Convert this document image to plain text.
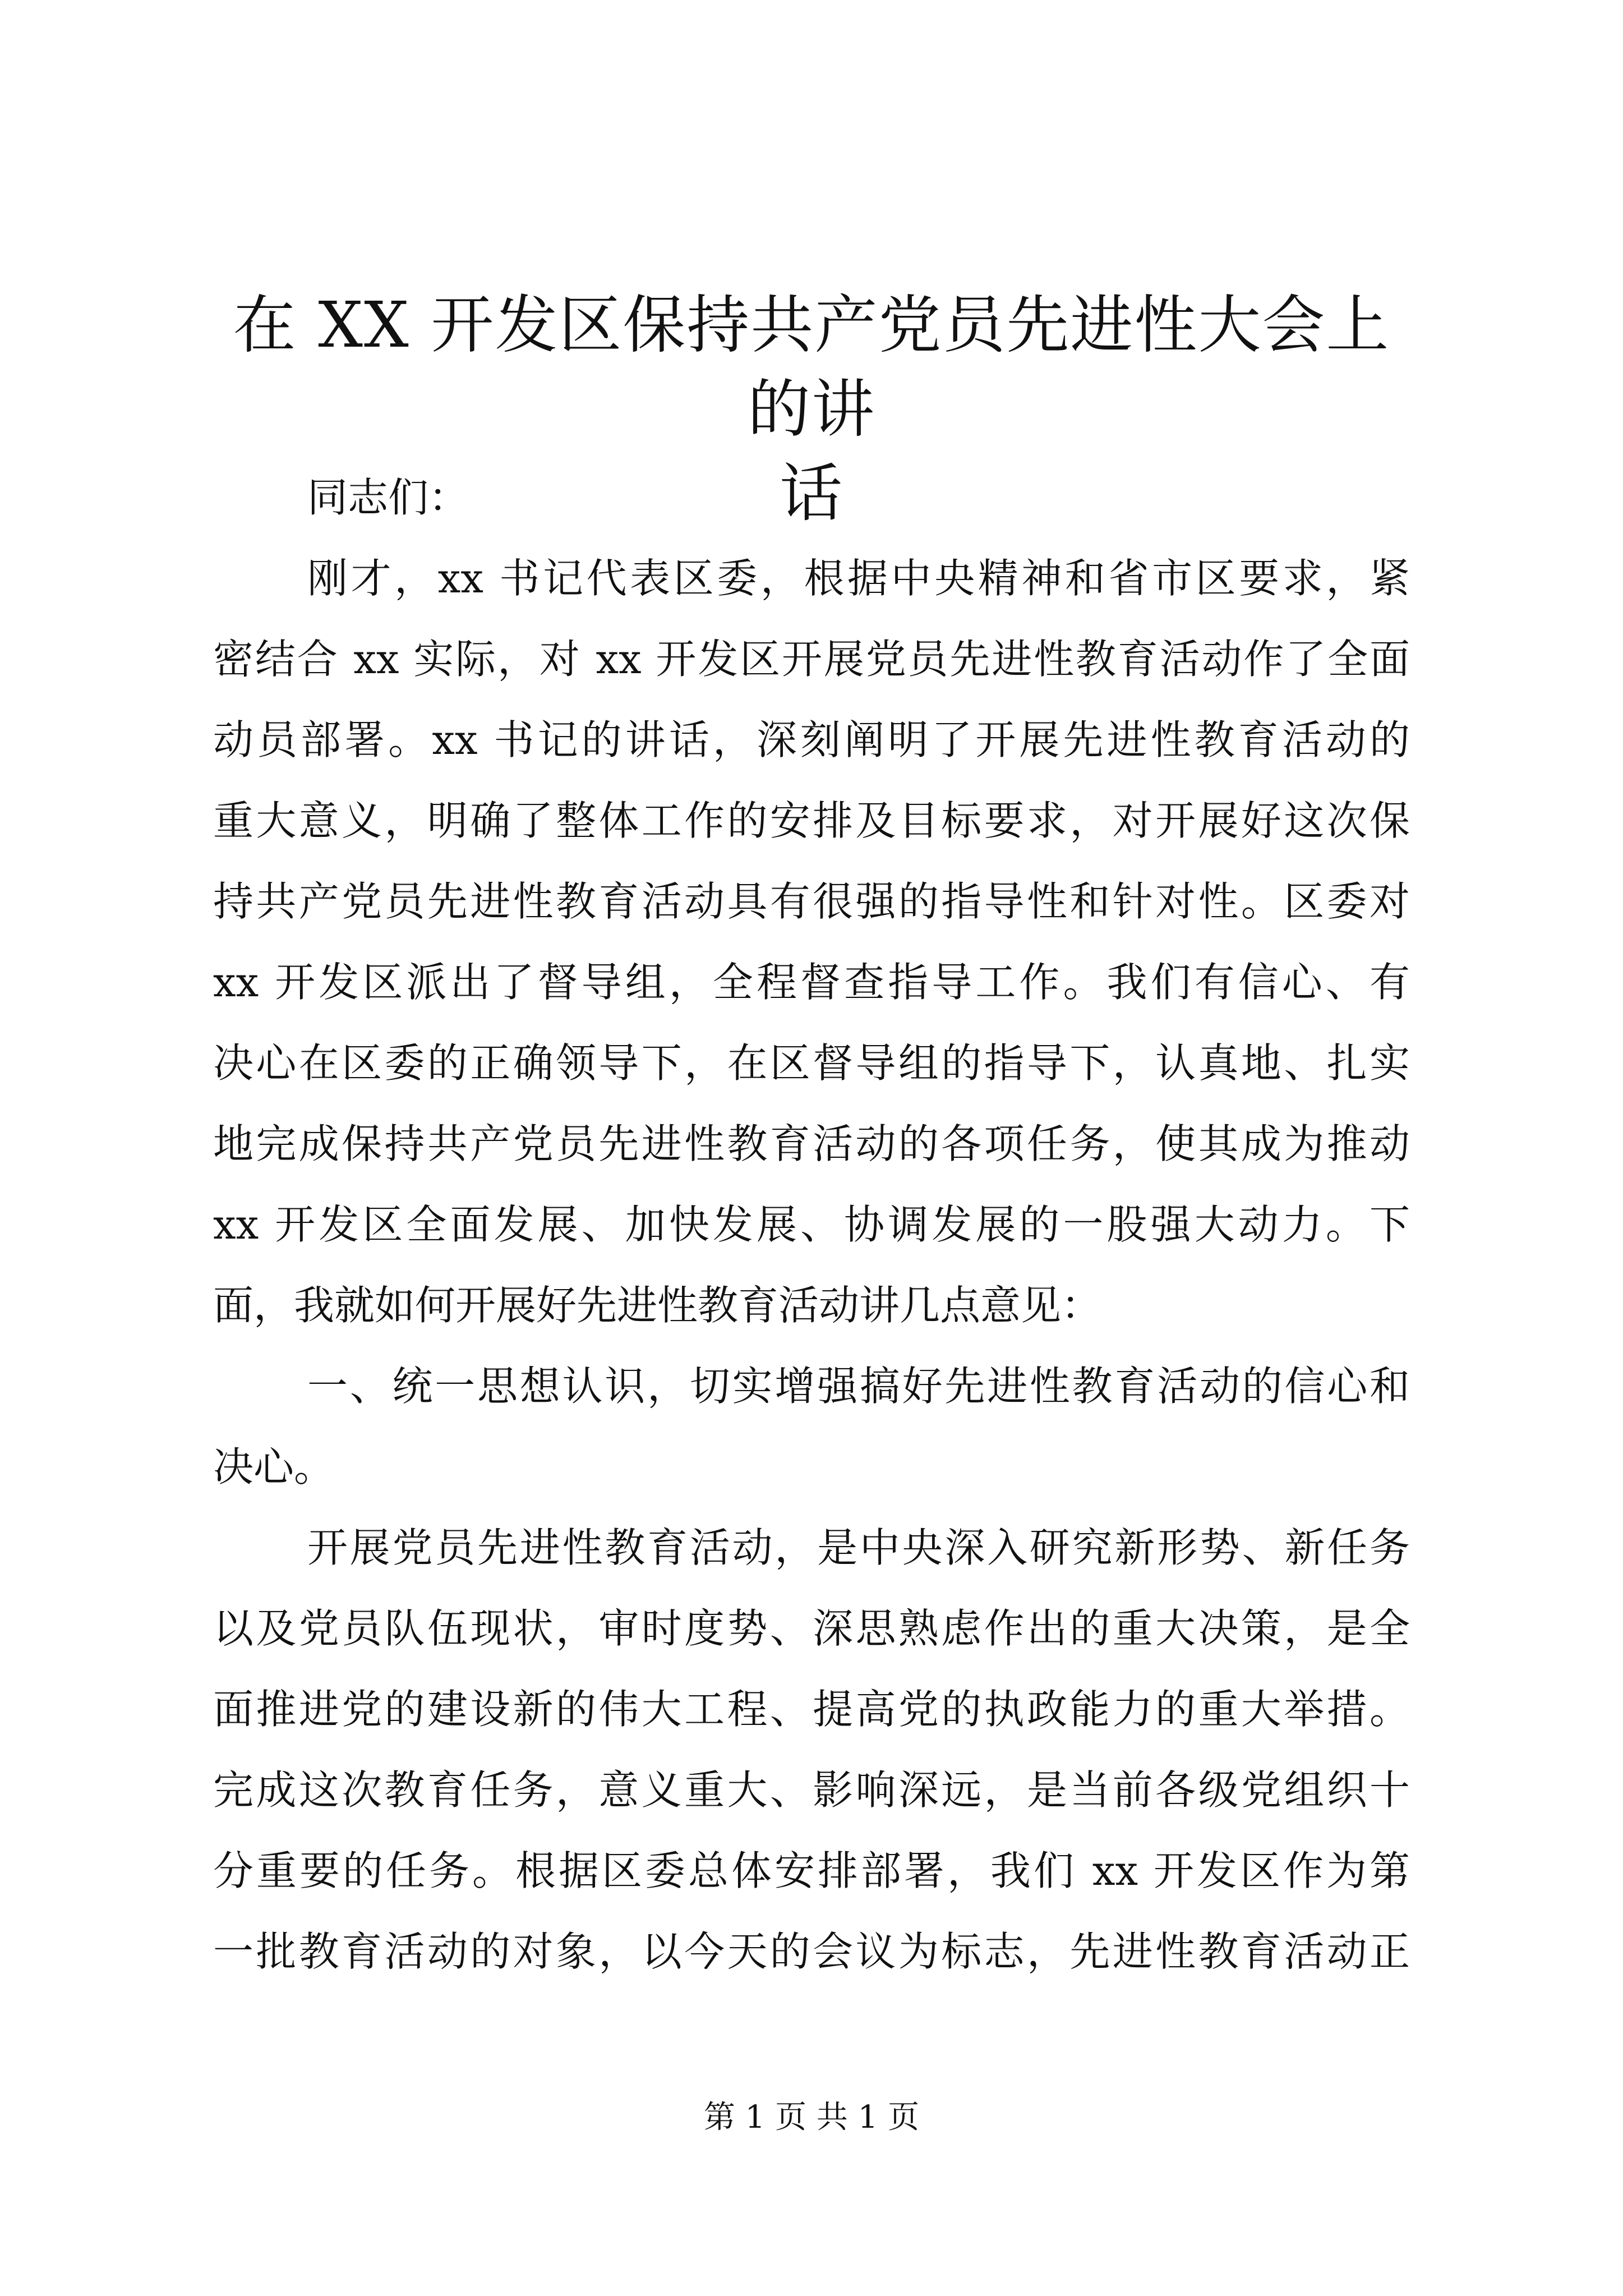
在 XX 开发区保持共产党员先进性大会上的讲
话
同志们：
刚才，xx 书记代表区委，根据中央精神和省市区要求，紧
密结合 xx 实际，对 xx 开发区开展党员先进性教育活动作了全面
动员部署。xx 书记的讲话，深刻阐明了开展先进性教育活动的
重大意义，明确了整体工作的安排及目标要求，对开展好这次保
持共产党员先进性教育活动具有很强的指导性和针对性。区委对
xx 开发区派出了督导组，全程督查指导工作。我们有信心、有
决心在区委的正确领导下，在区督导组的指导下，认真地、扎实
地完成保持共产党员先进性教育活动的各项任务，使其成为推动
xx 开发区全面发展、加快发展、协调发展的一股强大动力。下
面，我就如何开展好先进性教育活动讲几点意见：
一、统一思想认识，切实增强搞好先进性教育活动的信心和
决心。
开展党员先进性教育活动，是中央深入研究新形势、新任务
以及党员队伍现状，审时度势、深思熟虑作出的重大决策，是全
面推进党的建设新的伟大工程、提高党的执政能力的重大举措。
完成这次教育任务，意义重大、影响深远，是当前各级党组织十
分重要的任务。根据区委总体安排部署，我们 xx 开发区作为第
一批教育活动的对象，以今天的会议为标志，先进性教育活动正
第 1 页 共 1 页
